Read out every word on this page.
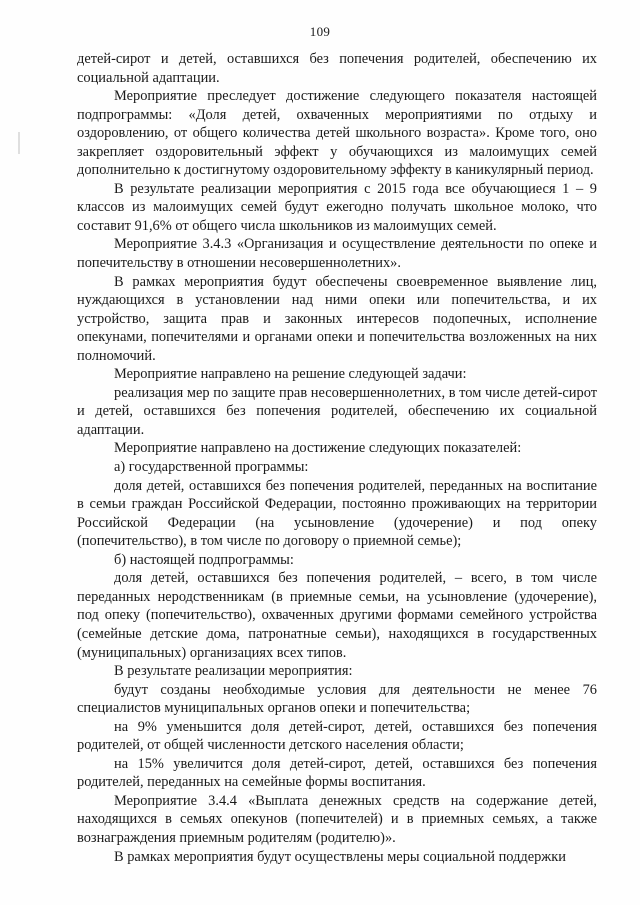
109

детей-сирот и детей, оставшихся без попечения родителей, обеспечению их социальной адаптации.

Мероприятие преследует достижение следующего показателя настоящей подпрограммы: «Доля детей, охваченных мероприятиями по отдыху и оздоровлению, от общего количества детей школьного возраста». Кроме того, оно закрепляет оздоровительный эффект у обучающихся из малоимущих семей дополнительно к достигнутому оздоровительному эффекту в каникулярный период.

В результате реализации мероприятия с 2015 года все обучающиеся 1 – 9 классов из малоимущих семей будут ежегодно получать школьное молоко, что составит 91,6% от общего числа школьников из малоимущих семей.

Мероприятие 3.4.3 «Организация и осуществление деятельности по опеке и попечительству в отношении несовершеннолетних».

В рамках мероприятия будут обеспечены своевременное выявление лиц, нуждающихся в установлении над ними опеки или попечительства, и их устройство, защита прав и законных интересов подопечных, исполнение опекунами, попечителями и органами опеки и попечительства возложенных на них полномочий.

Мероприятие направлено на решение следующей задачи:

реализация мер по защите прав несовершеннолетних, в том числе детей-сирот и детей, оставшихся без попечения родителей, обеспечению их социальной адаптации.

Мероприятие направлено на достижение следующих показателей:

а) государственной программы:

доля детей, оставшихся без попечения родителей, переданных на воспитание в семьи граждан Российской Федерации, постоянно проживающих на территории Российской Федерации (на усыновление (удочерение) и под опеку (попечительство), в том числе по договору о приемной семье);

б) настоящей подпрограммы:

доля детей, оставшихся без попечения родителей, – всего, в том числе переданных неродственникам (в приемные семьи, на усыновление (удочерение), под опеку (попечительство), охваченных другими формами семейного устройства (семейные детские дома, патронатные семьи), находящихся в государственных (муниципальных) организациях всех типов.

В результате реализации мероприятия:

будут созданы необходимые условия для деятельности не менее 76 специалистов муниципальных органов опеки и попечительства;

на 9% уменьшится доля детей-сирот, детей, оставшихся без попечения родителей, от общей численности детского населения области;

на 15% увеличится доля детей-сирот, детей, оставшихся без попечения родителей, переданных на семейные формы воспитания.

Мероприятие 3.4.4 «Выплата денежных средств на содержание детей, находящихся в семьях опекунов (попечителей) и в приемных семьях, а также вознаграждения приемным родителям (родителю)».

В рамках мероприятия будут осуществлены меры социальной поддержки
